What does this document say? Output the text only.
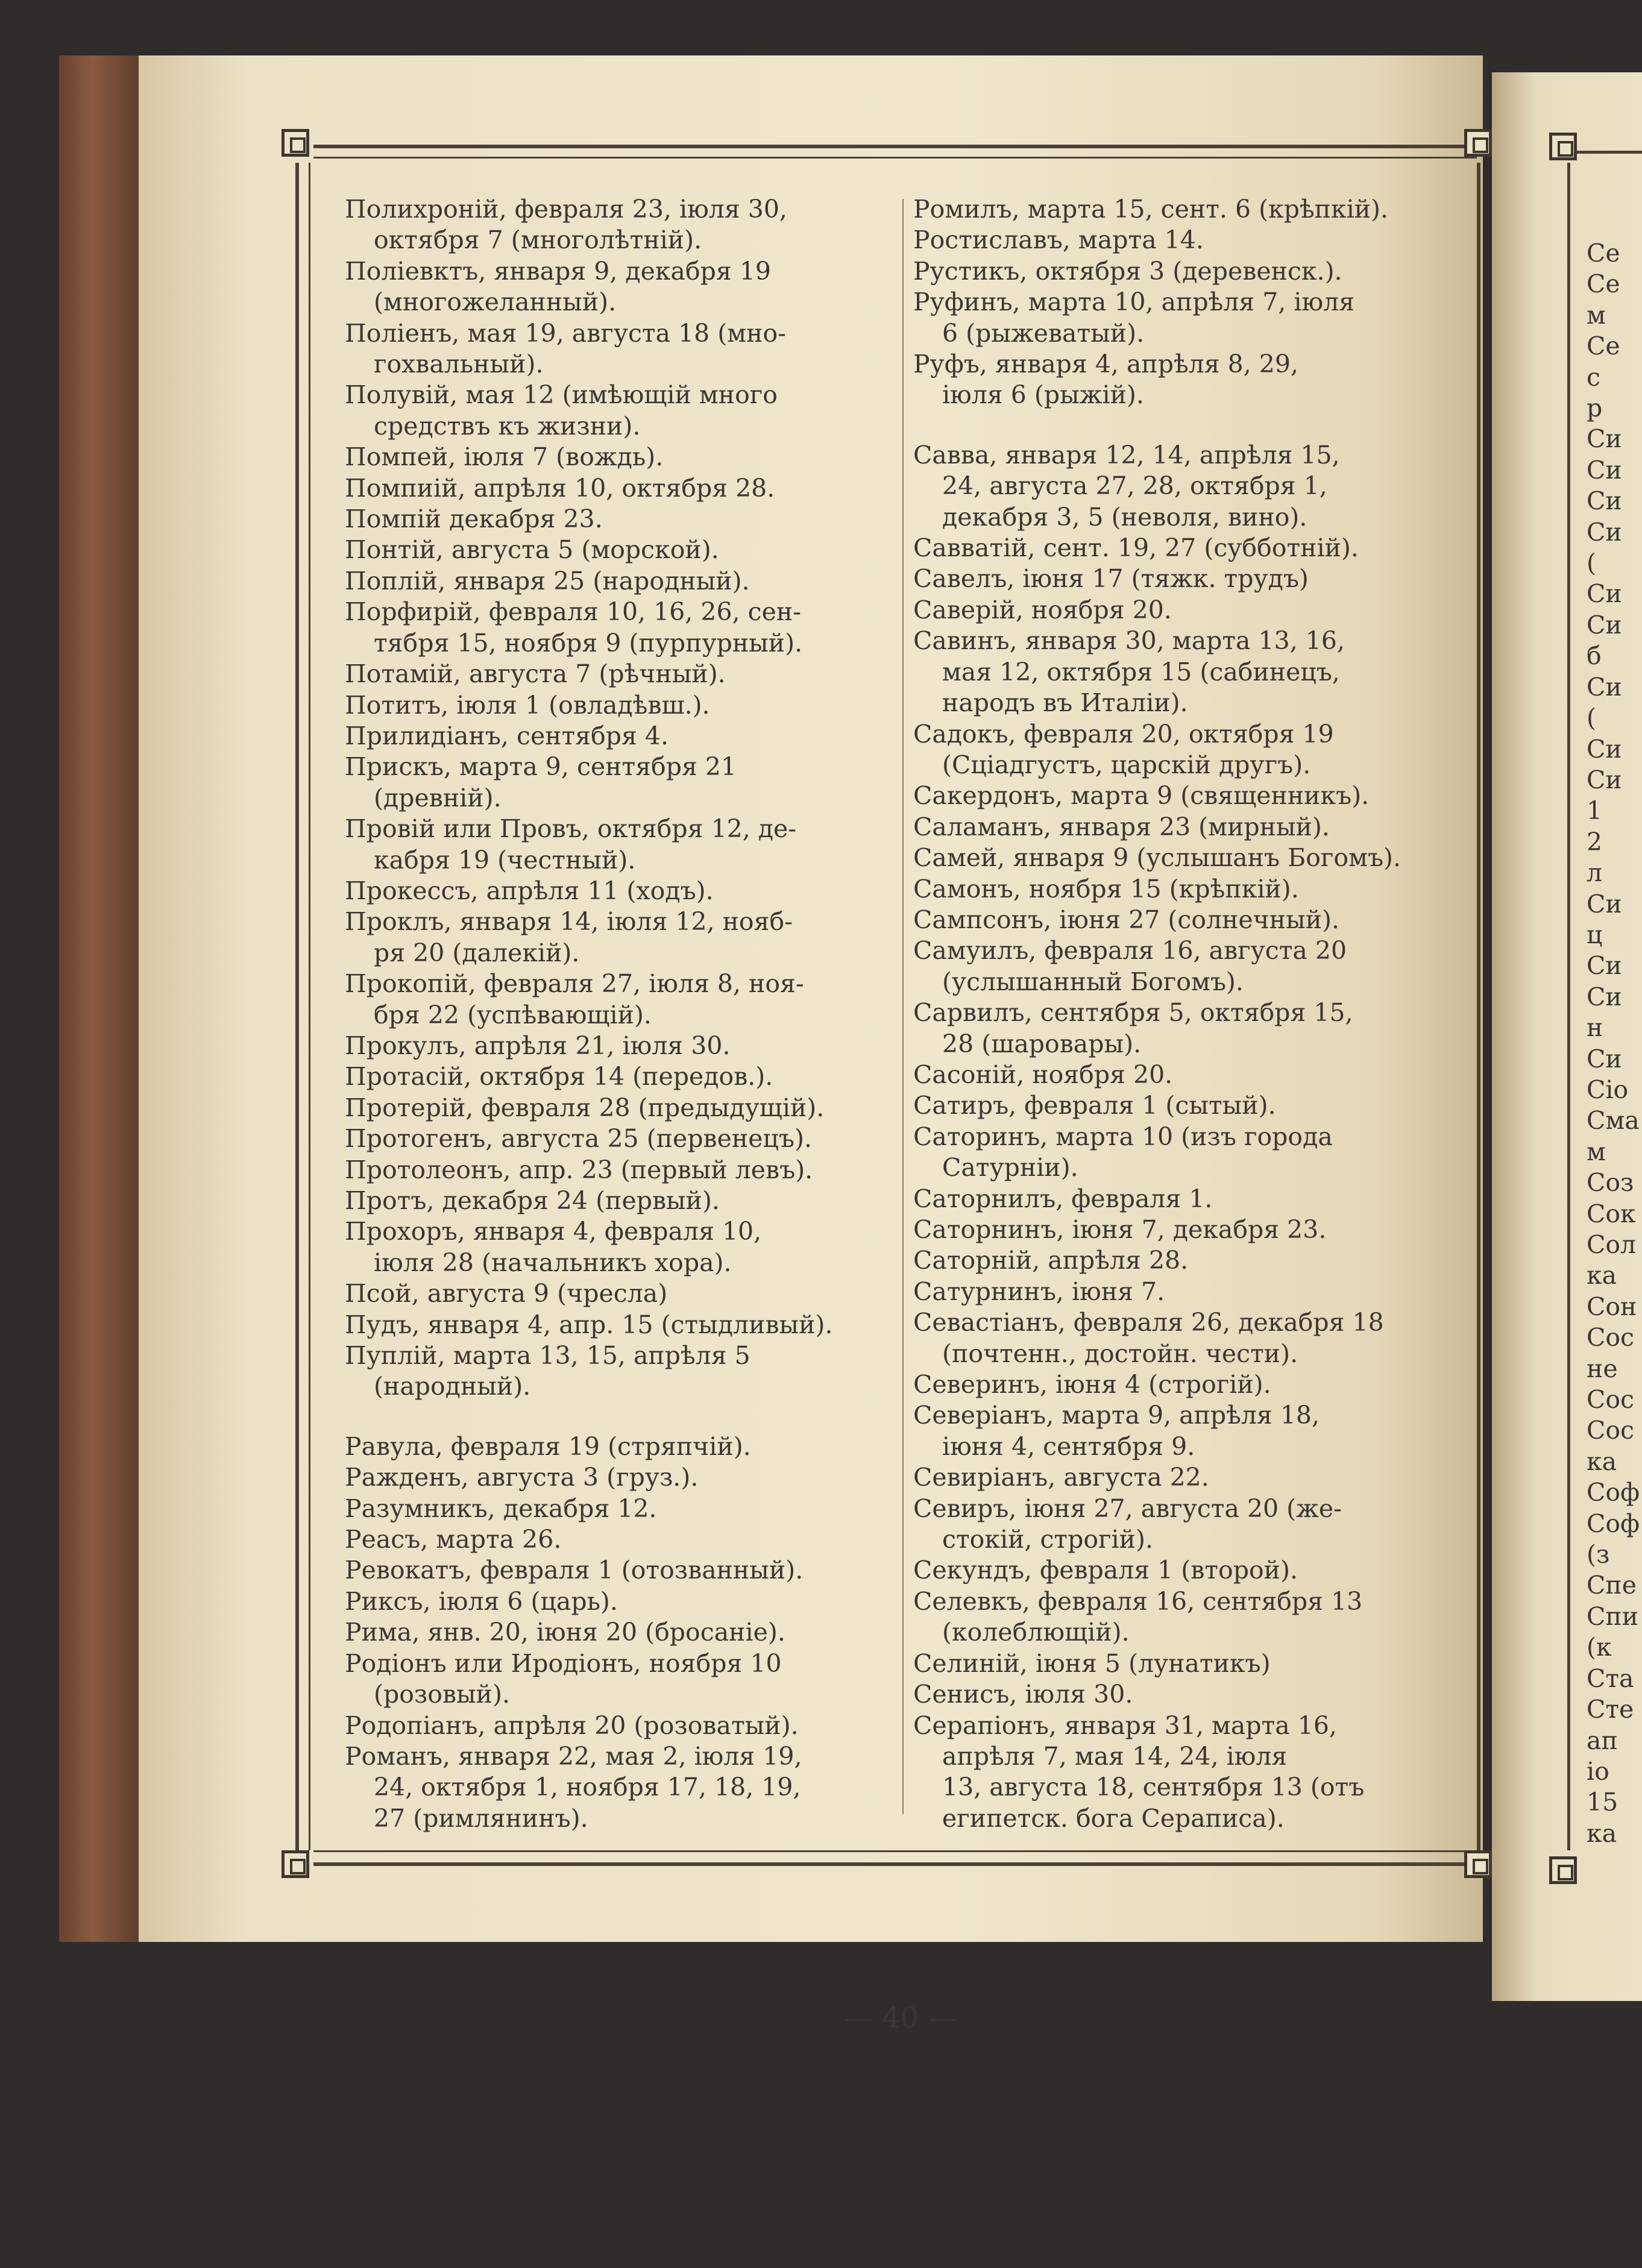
Полихроній, февраля 23, іюля 30,
октября 7 (многолѣтній).
Поліевктъ, января 9, декабря 19
(многожеланный).
Поліенъ, мая 19, августа 18 (мно-
гохвальный).
Полувій, мая 12 (имѣющій много
средствъ къ жизни).
Помпей, іюля 7 (вождь).
Помпиій, апрѣля 10, октября 28.
Помпій декабря 23.
Понтій, августа 5 (морской).
Поплій, января 25 (народный).
Порфирій, февраля 10, 16, 26, сен-
тября 15, ноября 9 (пурпурный).
Потамій, августа 7 (рѣчный).
Потитъ, іюля 1 (овладѣвш.).
Прилидіанъ, сентября 4.
Прискъ, марта 9, сентября 21
(древній).
Провій или Провъ, октября 12, де-
кабря 19 (честный).
Прокессъ, апрѣля 11 (ходъ).
Проклъ, января 14, іюля 12, нояб-
ря 20 (далекій).
Прокопій, февраля 27, іюля 8, ноя-
бря 22 (успѣвающій).
Прокулъ, апрѣля 21, іюля 30.
Протасій, октября 14 (передов.).
Протерій, февраля 28 (предыдущій).
Протогенъ, августа 25 (первенецъ).
Протолеонъ, апр. 23 (первый левъ).
Протъ, декабря 24 (первый).
Прохоръ, января 4, февраля 10,
іюля 28 (начальникъ хора).
Псой, августа 9 (чресла)
Пудъ, января 4, апр. 15 (стыдливый).
Пуплій, марта 13, 15, апрѣля 5
(народный).
Равула, февраля 19 (стряпчій).
Ражденъ, августа 3 (груз.).
Разумникъ, декабря 12.
Реасъ, марта 26.
Ревокатъ, февраля 1 (отозванный).
Риксъ, іюля 6 (царь).
Рима, янв. 20, іюня 20 (бросаніе).
Родіонъ или Иродіонъ, ноября 10
(розовый).
Родопіанъ, апрѣля 20 (розоватый).
Романъ, января 22, мая 2, іюля 19,
24, октября 1, ноября 17, 18, 19,
27 (римлянинъ).
Ромилъ, марта 15, сент. 6 (крѣпкій).
Ростиславъ, марта 14.
Рустикъ, октября 3 (деревенск.).
Руфинъ, марта 10, апрѣля 7, іюля
6 (рыжеватый).
Руфъ, января 4, апрѣля 8, 29,
іюля 6 (рыжій).
Савва, января 12, 14, апрѣля 15,
24, августа 27, 28, октября 1,
декабря 3, 5 (неволя, вино).
Савватій, сент. 19, 27 (субботній).
Савелъ, іюня 17 (тяжк. трудъ)
Саверій, ноября 20.
Савинъ, января 30, марта 13, 16,
мая 12, октября 15 (сабинецъ,
народъ въ Италіи).
Садокъ, февраля 20, октября 19
(Сціадгустъ, царскій другъ).
Сакердонъ, марта 9 (священникъ).
Саламанъ, января 23 (мирный).
Самей, января 9 (услышанъ Богомъ).
Самонъ, ноября 15 (крѣпкій).
Сампсонъ, іюня 27 (солнечный).
Самуилъ, февраля 16, августа 20
(услышанный Богомъ).
Сарвилъ, сентября 5, октября 15,
28 (шаровары).
Сасоній, ноября 20.
Сатиръ, февраля 1 (сытый).
Саторинъ, марта 10 (изъ города
Сатурніи).
Саторнилъ, февраля 1.
Саторнинъ, іюня 7, декабря 23.
Саторній, апрѣля 28.
Сатурнинъ, іюня 7.
Севастіанъ, февраля 26, декабря 18
(почтенн., достойн. чести).
Северинъ, іюня 4 (строгій).
Северіанъ, марта 9, апрѣля 18,
іюня 4, сентября 9.
Севиріанъ, августа 22.
Севиръ, іюня 27, августа 20 (же-
стокій, строгій).
Секундъ, февраля 1 (второй).
Селевкъ, февраля 16, сентября 13
(колеблющій).
Селиній, іюня 5 (лунатикъ)
Сенисъ, іюля 30.
Серапіонъ, января 31, марта 16,
апрѣля 7, мая 14, 24, іюля
13, августа 18, сентября 13 (отъ
египетск. бога Сераписа).
Се
Се
м
Се
с
р
Си
Си
Си
Си
(
Си
Си
б
Си
(
Си
Си
1
2
л
Си
ц
Си
Си
н
Си
Сіо
Сма
м
Соз
Сок
Сол
ка
Сон
Сос
не
Сос
Сос
ка
Соф
Соф
(з
Спе
Спи
(к
Ста
Сте
ап
іо
15
ка
— 40 —
